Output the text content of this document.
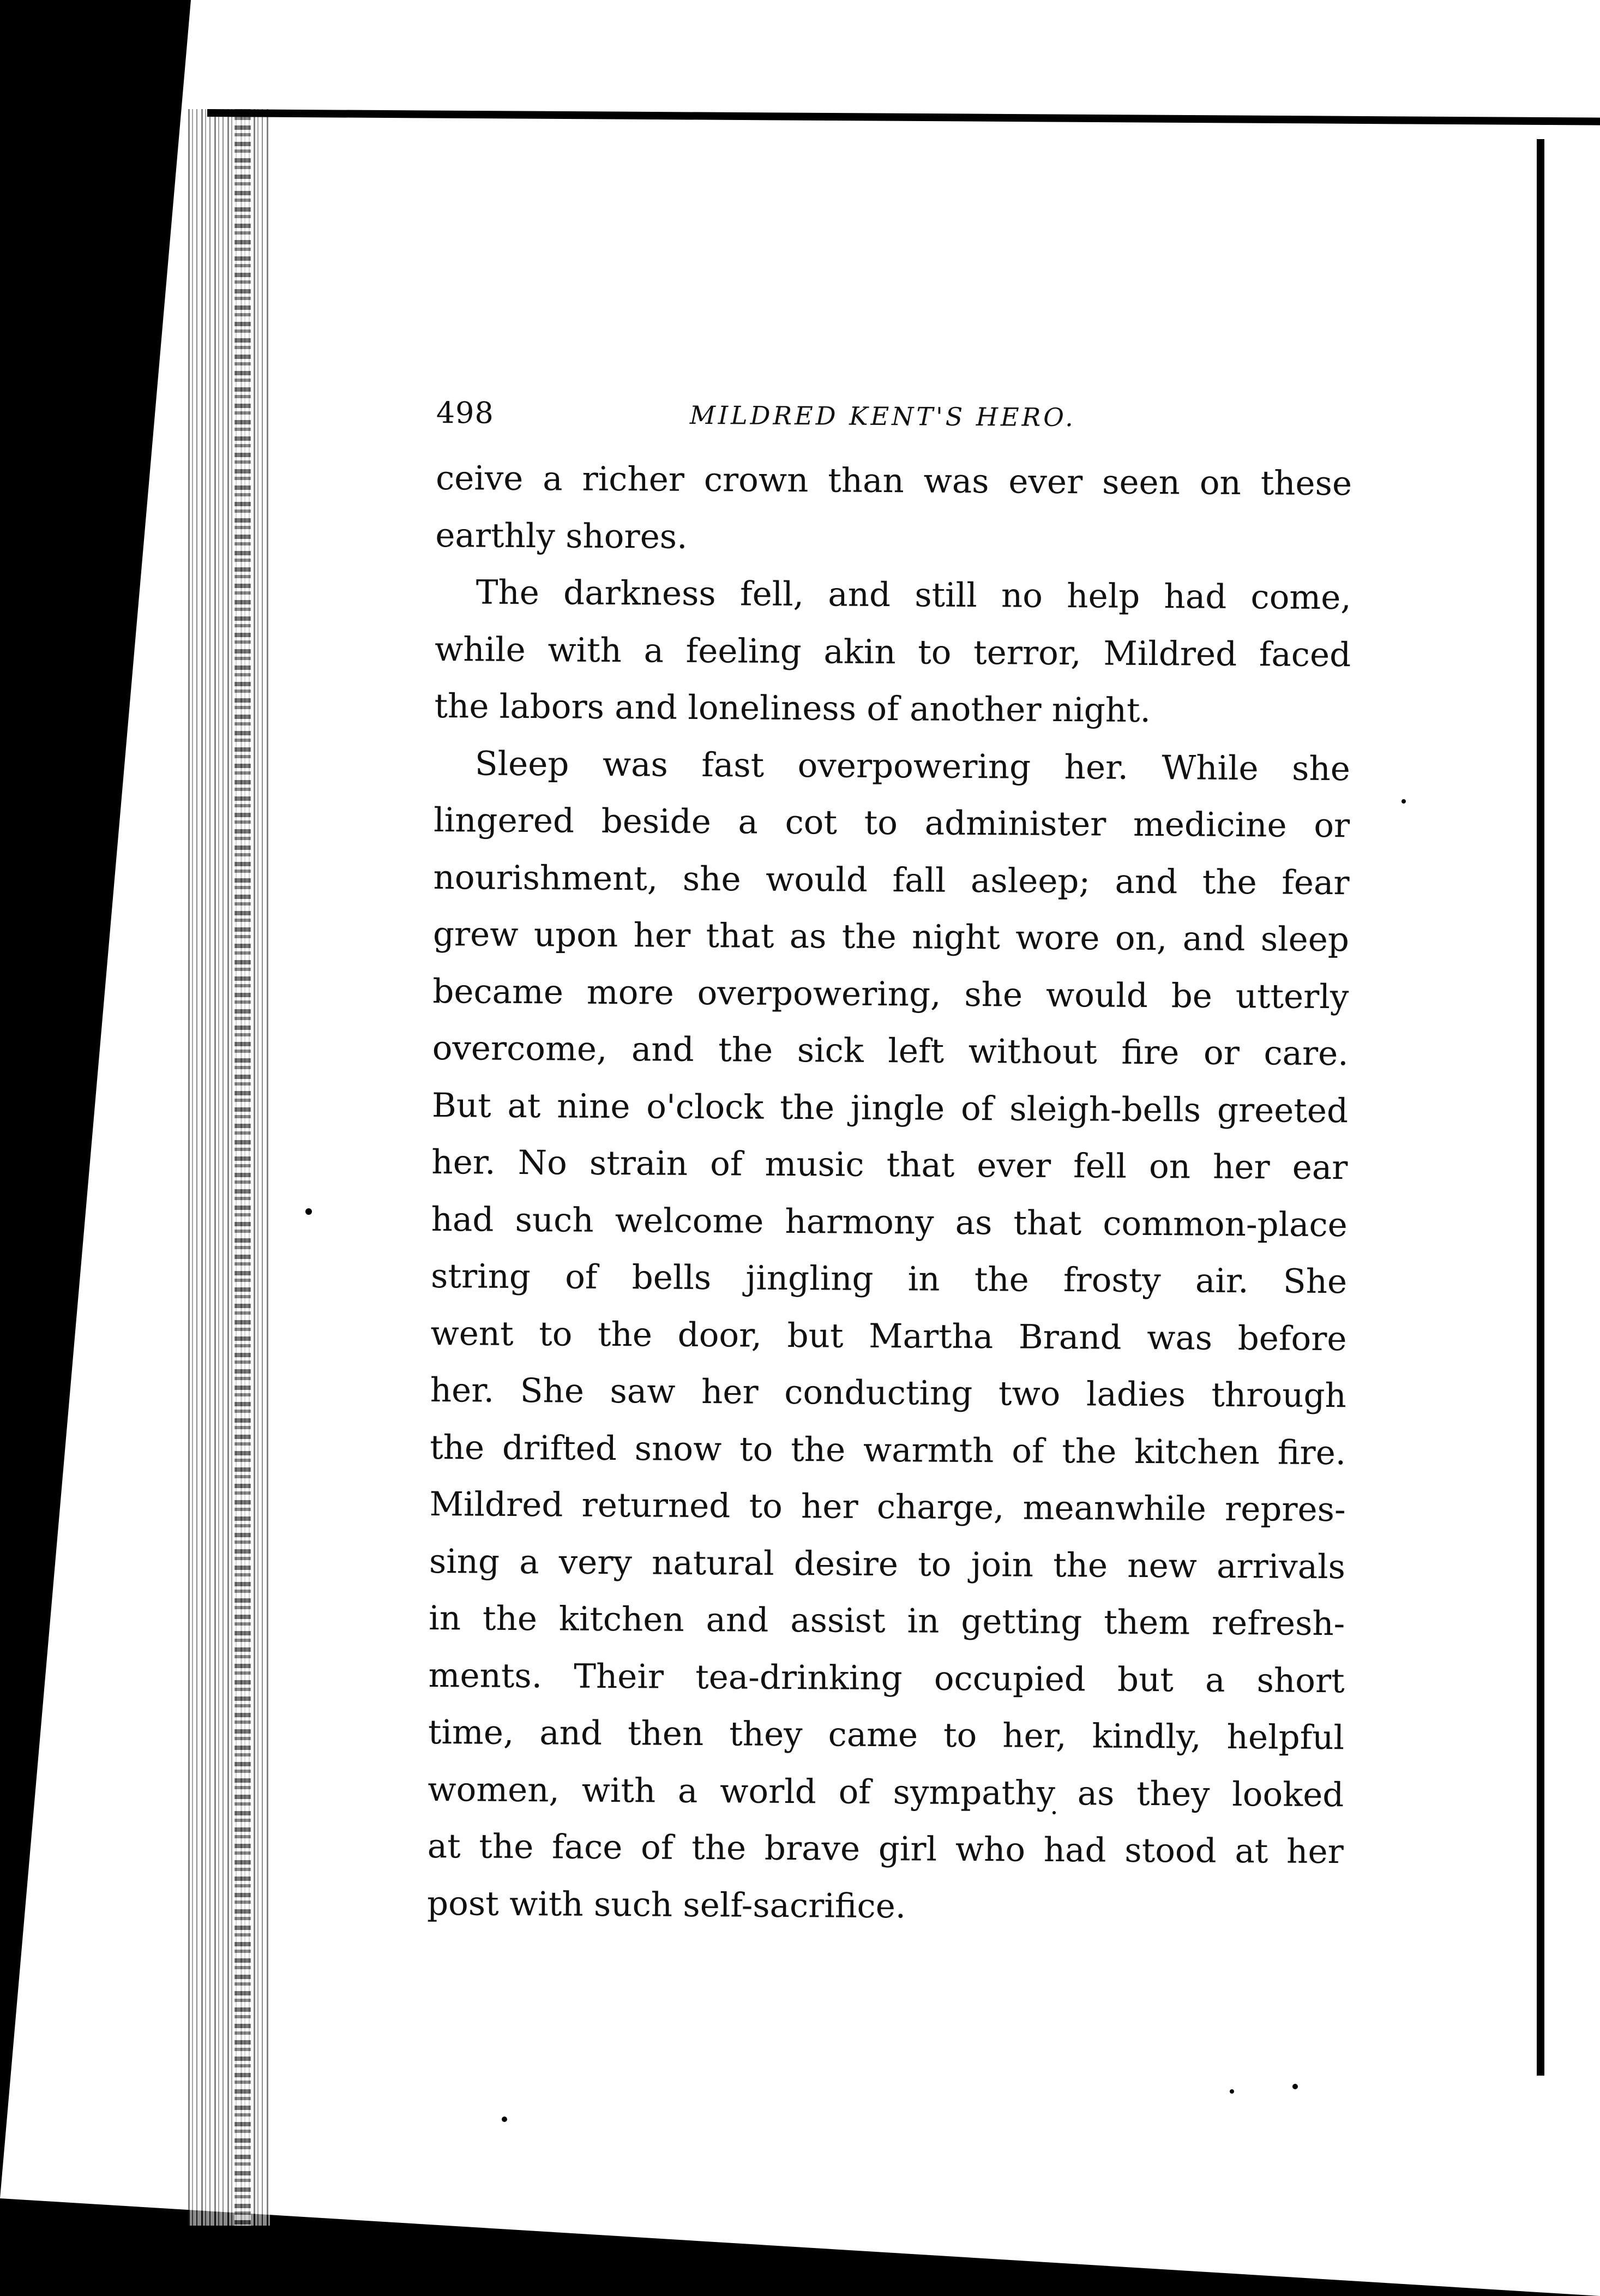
498	MILDRED KENT'S HERO.
ceive a richer crown than was ever seen on these
earthly shores.
The darkness fell, and still no help had come,
while with a feeling akin to terror, Mildred faced
the labors and loneliness of another night.
Sleep was fast overpowering her. While she
lingered beside a cot to administer medicine or
nourishment, she would fall asleep; and the fear
grew upon her that as the night wore on, and sleep
became more overpowering, she would be utterly
overcome, and the sick left without fire or care.
But at nine o'clock the jingle of sleigh-bells greeted
her. No strain of music that ever fell on her ear
had such welcome harmony as that common-place
string of bells jingling in the frosty air. She
went to the door, but Martha Brand was before
her. She saw her conducting two ladies through
the drifted snow to the warmth of the kitchen fire.
Mildred returned to her charge, meanwhile repres-
sing a very natural desire to join the new arrivals
in the kitchen and assist in getting them refresh-
ments. Their tea-drinking occupied but a short
time, and then they came to her, kindly, helpful
women, with a world of sympathy as they looked
at the face of the brave girl who had stood at her
post with such self-sacrifice.
